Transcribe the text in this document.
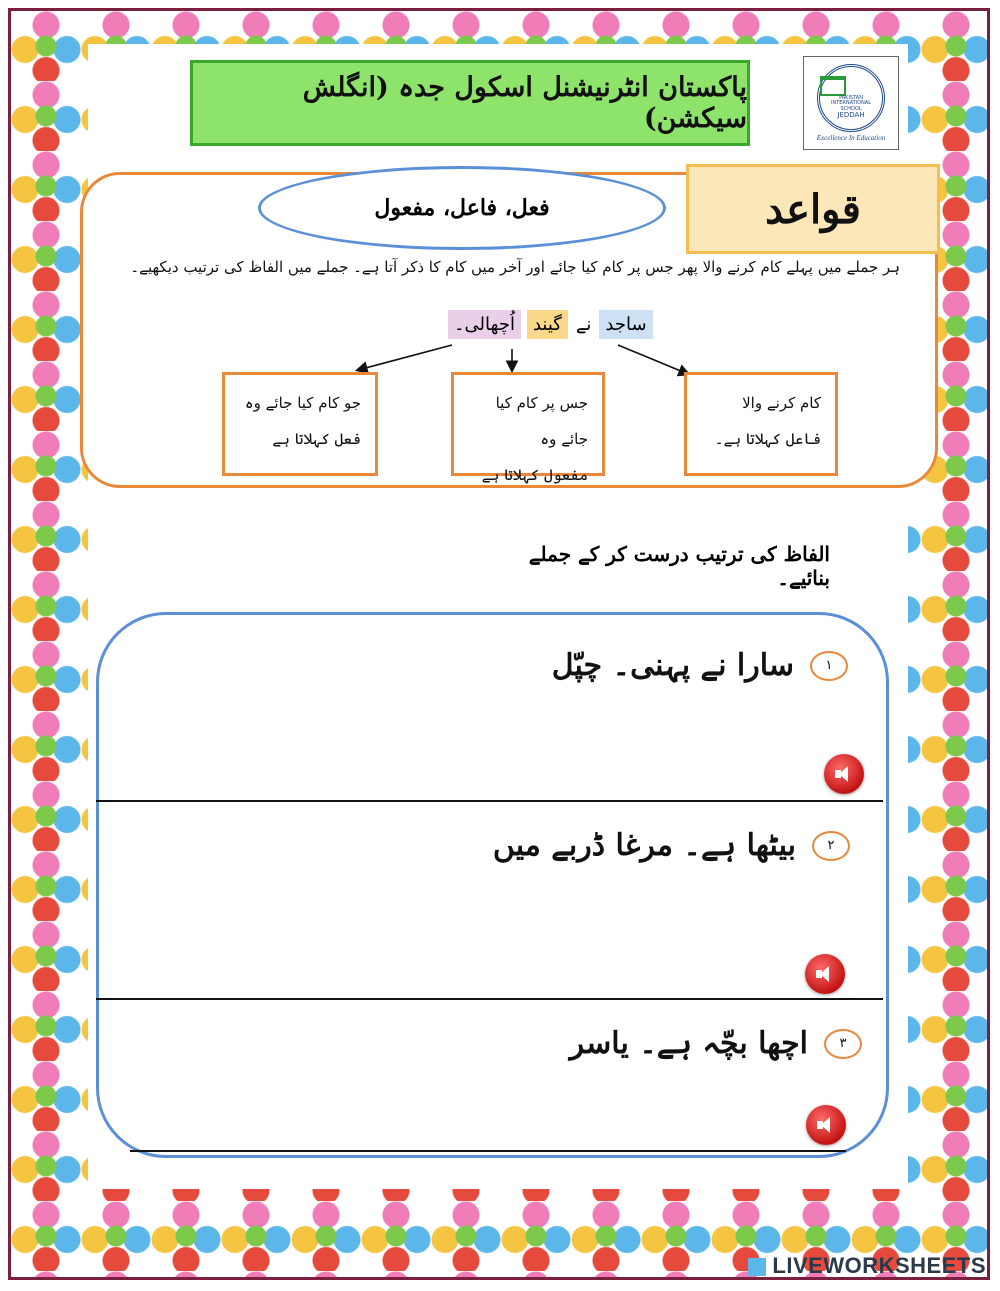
پاکستان انٹرنیشنل اسکول جدہ (انگلش سیکشن)
PAKISTAN INTERNATIONAL SCHOOL
JEDDAH
Excellence In Education
فعل، فاعل، مفعول	قواعد
ہر جملے میں پہلے کام کرنے والا پھر جس پر کام کیا جائے اور آخر میں کام کا ذکر آتا ہے۔ جملے میں الفاظ کی ترتیب دیکھیے۔
ساجد
نے
گیند
اُچھالی۔
کام کرنے والا
فاعل کہلاتا ہے۔
جس پر کام کیا جائے وہ
مفعول کہلاتا ہے
جو کام کیا جائے وہ
فعل کہلاتا ہے
الفاظ کی ترتیب درست کر کے جملے بنائیے۔
١
سارا نے پہنی۔ چپّل
٢
بیٹھا ہے۔ مرغا ڈربے میں
٣
اچھا بچّہ ہے۔ یاسر
LIVEWORKSHEETS
